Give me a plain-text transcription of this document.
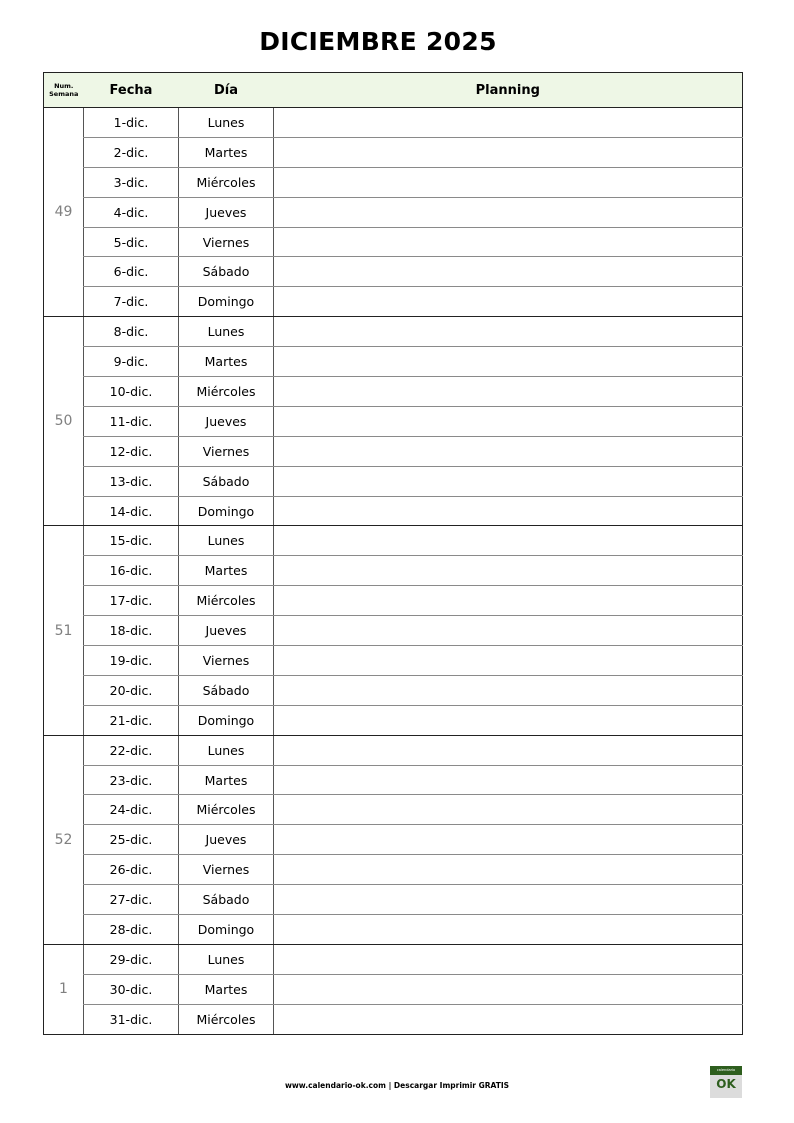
DICIEMBRE 2025
Num.
Semana	Fecha	Día	Planning
49	1-dic.	Lunes	
	2-dic.	Martes	
	3-dic.	Miércoles	
	4-dic.	Jueves	
	5-dic.	Viernes	
	6-dic.	Sábado	
	7-dic.	Domingo	
50	8-dic.	Lunes	
	9-dic.	Martes	
	10-dic.	Miércoles	
	11-dic.	Jueves	
	12-dic.	Viernes	
	13-dic.	Sábado	
	14-dic.	Domingo	
51	15-dic.	Lunes	
	16-dic.	Martes	
	17-dic.	Miércoles	
	18-dic.	Jueves	
	19-dic.	Viernes	
	20-dic.	Sábado	
	21-dic.	Domingo	
52	22-dic.	Lunes	
	23-dic.	Martes	
	24-dic.	Miércoles	
	25-dic.	Jueves	
	26-dic.	Viernes	
	27-dic.	Sábado	
	28-dic.	Domingo	
1	29-dic.	Lunes	
	30-dic.	Martes	
	31-dic.	Miércoles	
www.calendario-ok.com | Descargar Imprimir GRATIS
calendario
OK
